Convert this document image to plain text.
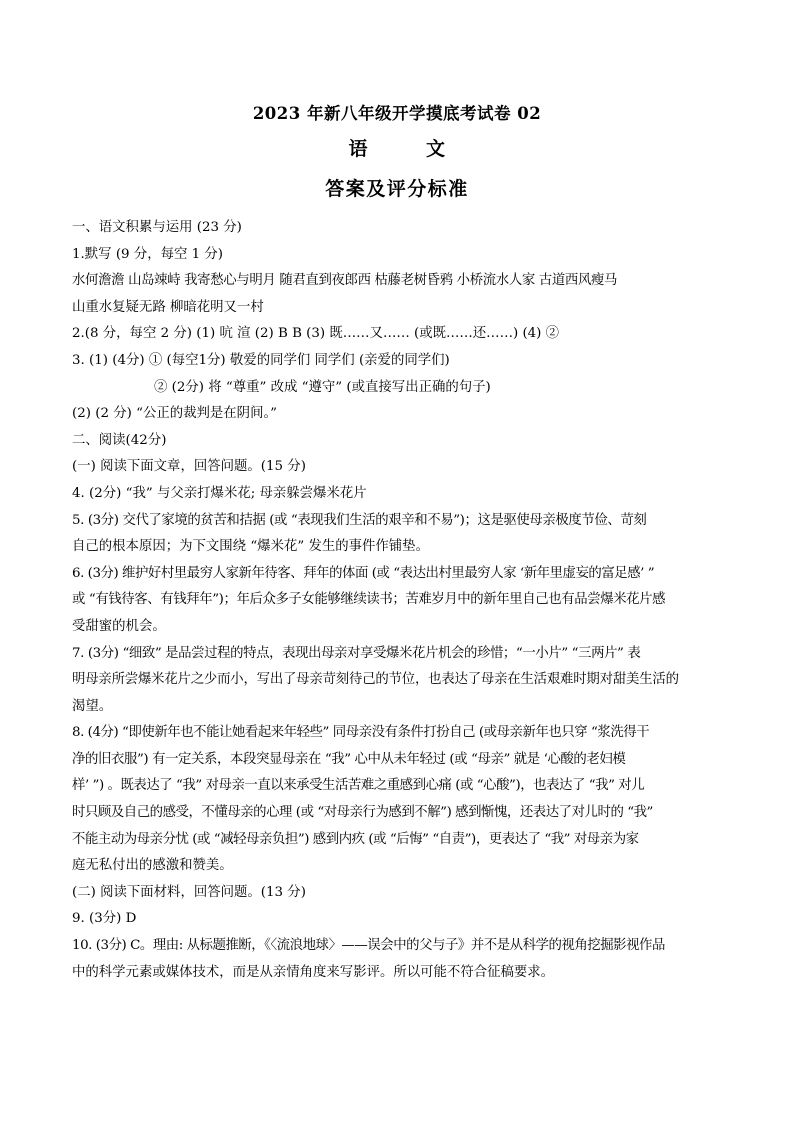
2023 年新八年级开学摸底考试卷 02
语	文
答案及评分标准

一、语文积累与运用 (23 分)

1.默写 (9 分，每空 1 分)

水何澹澹 山岛竦峙 我寄愁心与明月 随君直到夜郎西 枯藤老树昏鸦 小桥流水人家 古道西风瘦马

山重水复疑无路 柳暗花明又一村

2.(8 分，每空 2 分) (1) 吭 渲 (2) B B (3) 既……又…… (或既……还……) (4) ②

3. (1) (4分) ① (每空1分) 敬爱的同学们 同学们 (亲爱的同学们)

② (2分) 将 “尊重” 改成 “遵守” (或直接写出正确的句子)

(2) (2 分) “公正的裁判是在阴间。”

二、阅读(42分)

(一) 阅读下面文章，回答问题。(15 分)

4. (2分) “我” 与父亲打爆米花; 母亲躲尝爆米花片

5. (3分) 交代了家境的贫苦和拮据 (或 “表现我们生活的艰辛和不易”)；这是驱使母亲极度节俭、苛刻

自己的根本原因；为下文围绕 “爆米花” 发生的事件作铺垫。

6. (3分) 维护好村里最穷人家新年待客、拜年的体面 (或 “表达出村里最穷人家 ‘新年里虚妄的富足感’ ”

或 “有钱待客、有钱拜年”)；年后众多子女能够继续读书；苦难岁月中的新年里自己也有品尝爆米花片感

受甜蜜的机会。

7. (3分) “细致” 是品尝过程的特点，表现出母亲对享受爆米花片机会的珍惜；“一小片” “三两片” 表

明母亲所尝爆米花片之少而小，写出了母亲苛刻待己的节位，也表达了母亲在生活艰难时期对甜美生活的

渴望。

8. (4分) “即使新年也不能让她看起来年轻些” 同母亲没有条件打扮自己 (或母亲新年也只穿 “浆洗得干

净的旧衣服”) 有一定关系，本段突显母亲在 “我” 心中从未年轻过 (或 “母亲” 就是 ‘心酸的老妇模

样’ ”) 。既表达了 “我” 对母亲一直以来承受生活苦难之重感到心痛 (或 “心酸”)，也表达了 “我” 对儿

时只顾及自己的感受，不懂母亲的心理 (或 “对母亲行为感到不解”) 感到惭愧，还表达了对儿时的 “我”

不能主动为母亲分忧 (或 “减轻母亲负担”) 感到内疚 (或 “后悔” “自责”)，更表达了 “我” 对母亲为家

庭无私付出的感激和赞美。

(二) 阅读下面材料，回答问题。(13 分)

9. (3分) D

10. (3分) C。理由: 从标题推断，《〈流浪地球〉——误会中的父与子》并不是从科学的视角挖掘影视作品

中的科学元素或媒体技术，而是从亲情角度来写影评。所以可能不符合征稿要求。
